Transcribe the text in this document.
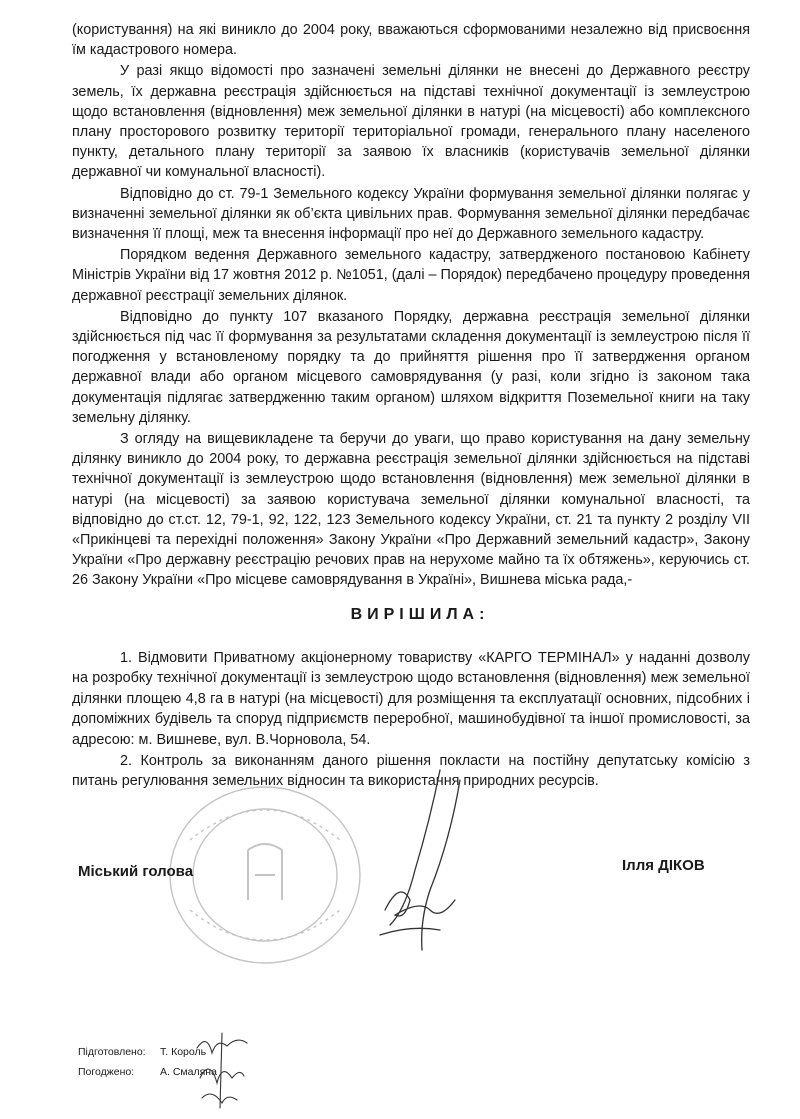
(користування) на які виникло до 2004 року, вважаються сформованими незалежно від присвоєння їм кадастрового номера.

У разі якщо відомості про зазначені земельні ділянки не внесені до Державного реєстру земель, їх державна реєстрація здійснюється на підставі технічної документації із землеустрою щодо встановлення (відновлення) меж земельної ділянки в натурі (на місцевості) або комплексного плану просторового розвитку території територіальної громади, генерального плану населеного пункту, детального плану території за заявою їх власників (користувачів земельної ділянки державної чи комунальної власності).

Відповідно до ст. 79-1 Земельного кодексу України формування земельної ділянки полягає у визначенні земельної ділянки як об’єкта цивільних прав. Формування земельної ділянки передбачає визначення її площі, меж та внесення інформації про неї до Державного земельного кадастру.

Порядком ведення Державного земельного кадастру, затвердженого постановою Кабінету Міністрів України від 17 жовтня 2012 р. №1051, (далі – Порядок) передбачено процедуру проведення державної реєстрації земельних ділянок.

Відповідно до пункту 107 вказаного Порядку, державна реєстрація земельної ділянки здійснюється під час її формування за результатами складення документації із землеустрою після її погодження у встановленому порядку та до прийняття рішення про її затвердження органом державної влади або органом місцевого самоврядування (у разі, коли згідно із законом така документація підлягає затвердженню таким органом) шляхом відкриття Поземельної книги на таку земельну ділянку.

З огляду на вищевикладене та беручи до уваги, що право користування на дану земельну ділянку виникло до 2004 року, то державна реєстрація земельної ділянки здійснюється на підставі технічної документації із землеустрою щодо встановлення (відновлення) меж земельної ділянки в натурі (на місцевості) за заявою користувача земельної ділянки комунальної власності, та відповідно до ст.ст. 12, 79-1, 92, 122, 123 Земельного кодексу України, ст. 21 та пункту 2 розділу VII «Прикінцеві та перехідні положення» Закону України «Про Державний земельний кадастр», Закону України «Про державну реєстрацію речових прав на нерухоме майно та їх обтяжень», керуючись ст. 26 Закону України «Про місцеве самоврядування в Україні», Вишнева міська рада,-

ВИРІШИЛА:

1. Відмовити Приватному акціонерному товариству «КАРГО ТЕРМІНАЛ» у наданні дозволу на розробку технічної документації із землеустрою щодо встановлення (відновлення) меж земельної ділянки площею 4,8 га в натурі (на місцевості) для розміщення та експлуатації основних, підсобних і допоміжних будівель та споруд підприємств переробної, машинобудівної та іншої промисловості, за адресою: м. Вишневе, вул. В.Чорновола, 54.

2. Контроль за виконанням даного рішення покласти на постійну депутатську комісію з питань регулювання земельних відносин та використання природних ресурсів.

Міський голова	Ілля ДІКОВ
Підготовлено: Т. Король
Погоджено: А. Смаляна
